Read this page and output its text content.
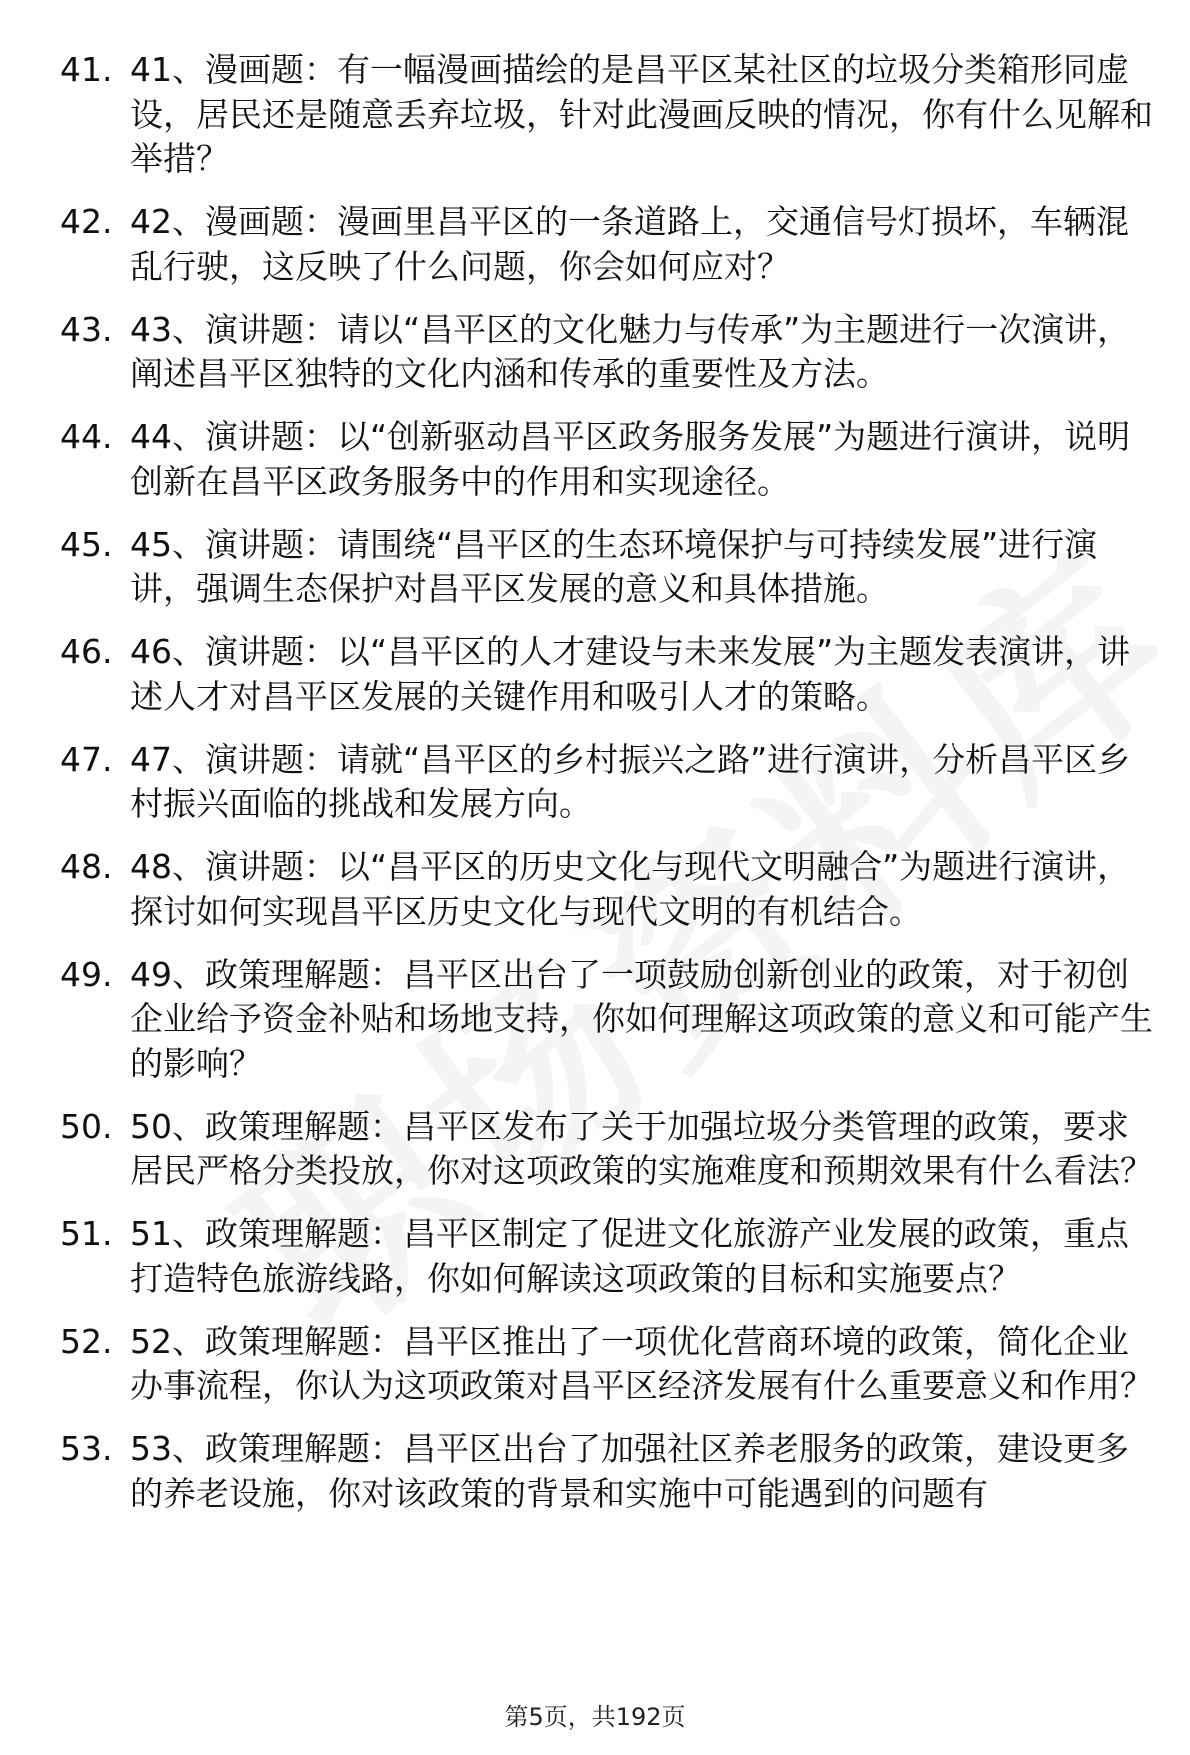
41. 41、漫画题：有一幅漫画描绘的是昌平区某社区的垃圾分类箱形同虚设，居民还是随意丢弃垃圾，针对此漫画反映的情况，你有什么见解和举措？
42. 42、漫画题：漫画里昌平区的一条道路上，交通信号灯损坏，车辆混乱行驶，这反映了什么问题，你会如何应对？
43. 43、演讲题：请以“昌平区的文化魅力与传承”为主题进行一次演讲，阐述昌平区独特的文化内涵和传承的重要性及方法。
44. 44、演讲题：以“创新驱动昌平区政务服务发展”为题进行演讲，说明创新在昌平区政务服务中的作用和实现途径。
45. 45、演讲题：请围绕“昌平区的生态环境保护与可持续发展”进行演讲，强调生态保护对昌平区发展的意义和具体措施。
46. 46、演讲题：以“昌平区的人才建设与未来发展”为主题发表演讲，讲述人才对昌平区发展的关键作用和吸引人才的策略。
47. 47、演讲题：请就“昌平区的乡村振兴之路”进行演讲，分析昌平区乡村振兴面临的挑战和发展方向。
48. 48、演讲题：以“昌平区的历史文化与现代文明融合”为题进行演讲，探讨如何实现昌平区历史文化与现代文明的有机结合。
49. 49、政策理解题：昌平区出台了一项鼓励创新创业的政策，对于初创企业给予资金补贴和场地支持，你如何理解这项政策的意义和可能产生的影响？
50. 50、政策理解题：昌平区发布了关于加强垃圾分类管理的政策，要求居民严格分类投放，你对这项政策的实施难度和预期效果有什么看法？
51. 51、政策理解题：昌平区制定了促进文化旅游产业发展的政策，重点打造特色旅游线路，你如何解读这项政策的目标和实施要点？
52. 52、政策理解题：昌平区推出了一项优化营商环境的政策，简化企业办事流程，你认为这项政策对昌平区经济发展有什么重要意义和作用？
53. 53、政策理解题：昌平区出台了加强社区养老服务的政策，建设更多的养老设施，你对该政策的背景和实施中可能遇到的问题有
第5页，共192页
